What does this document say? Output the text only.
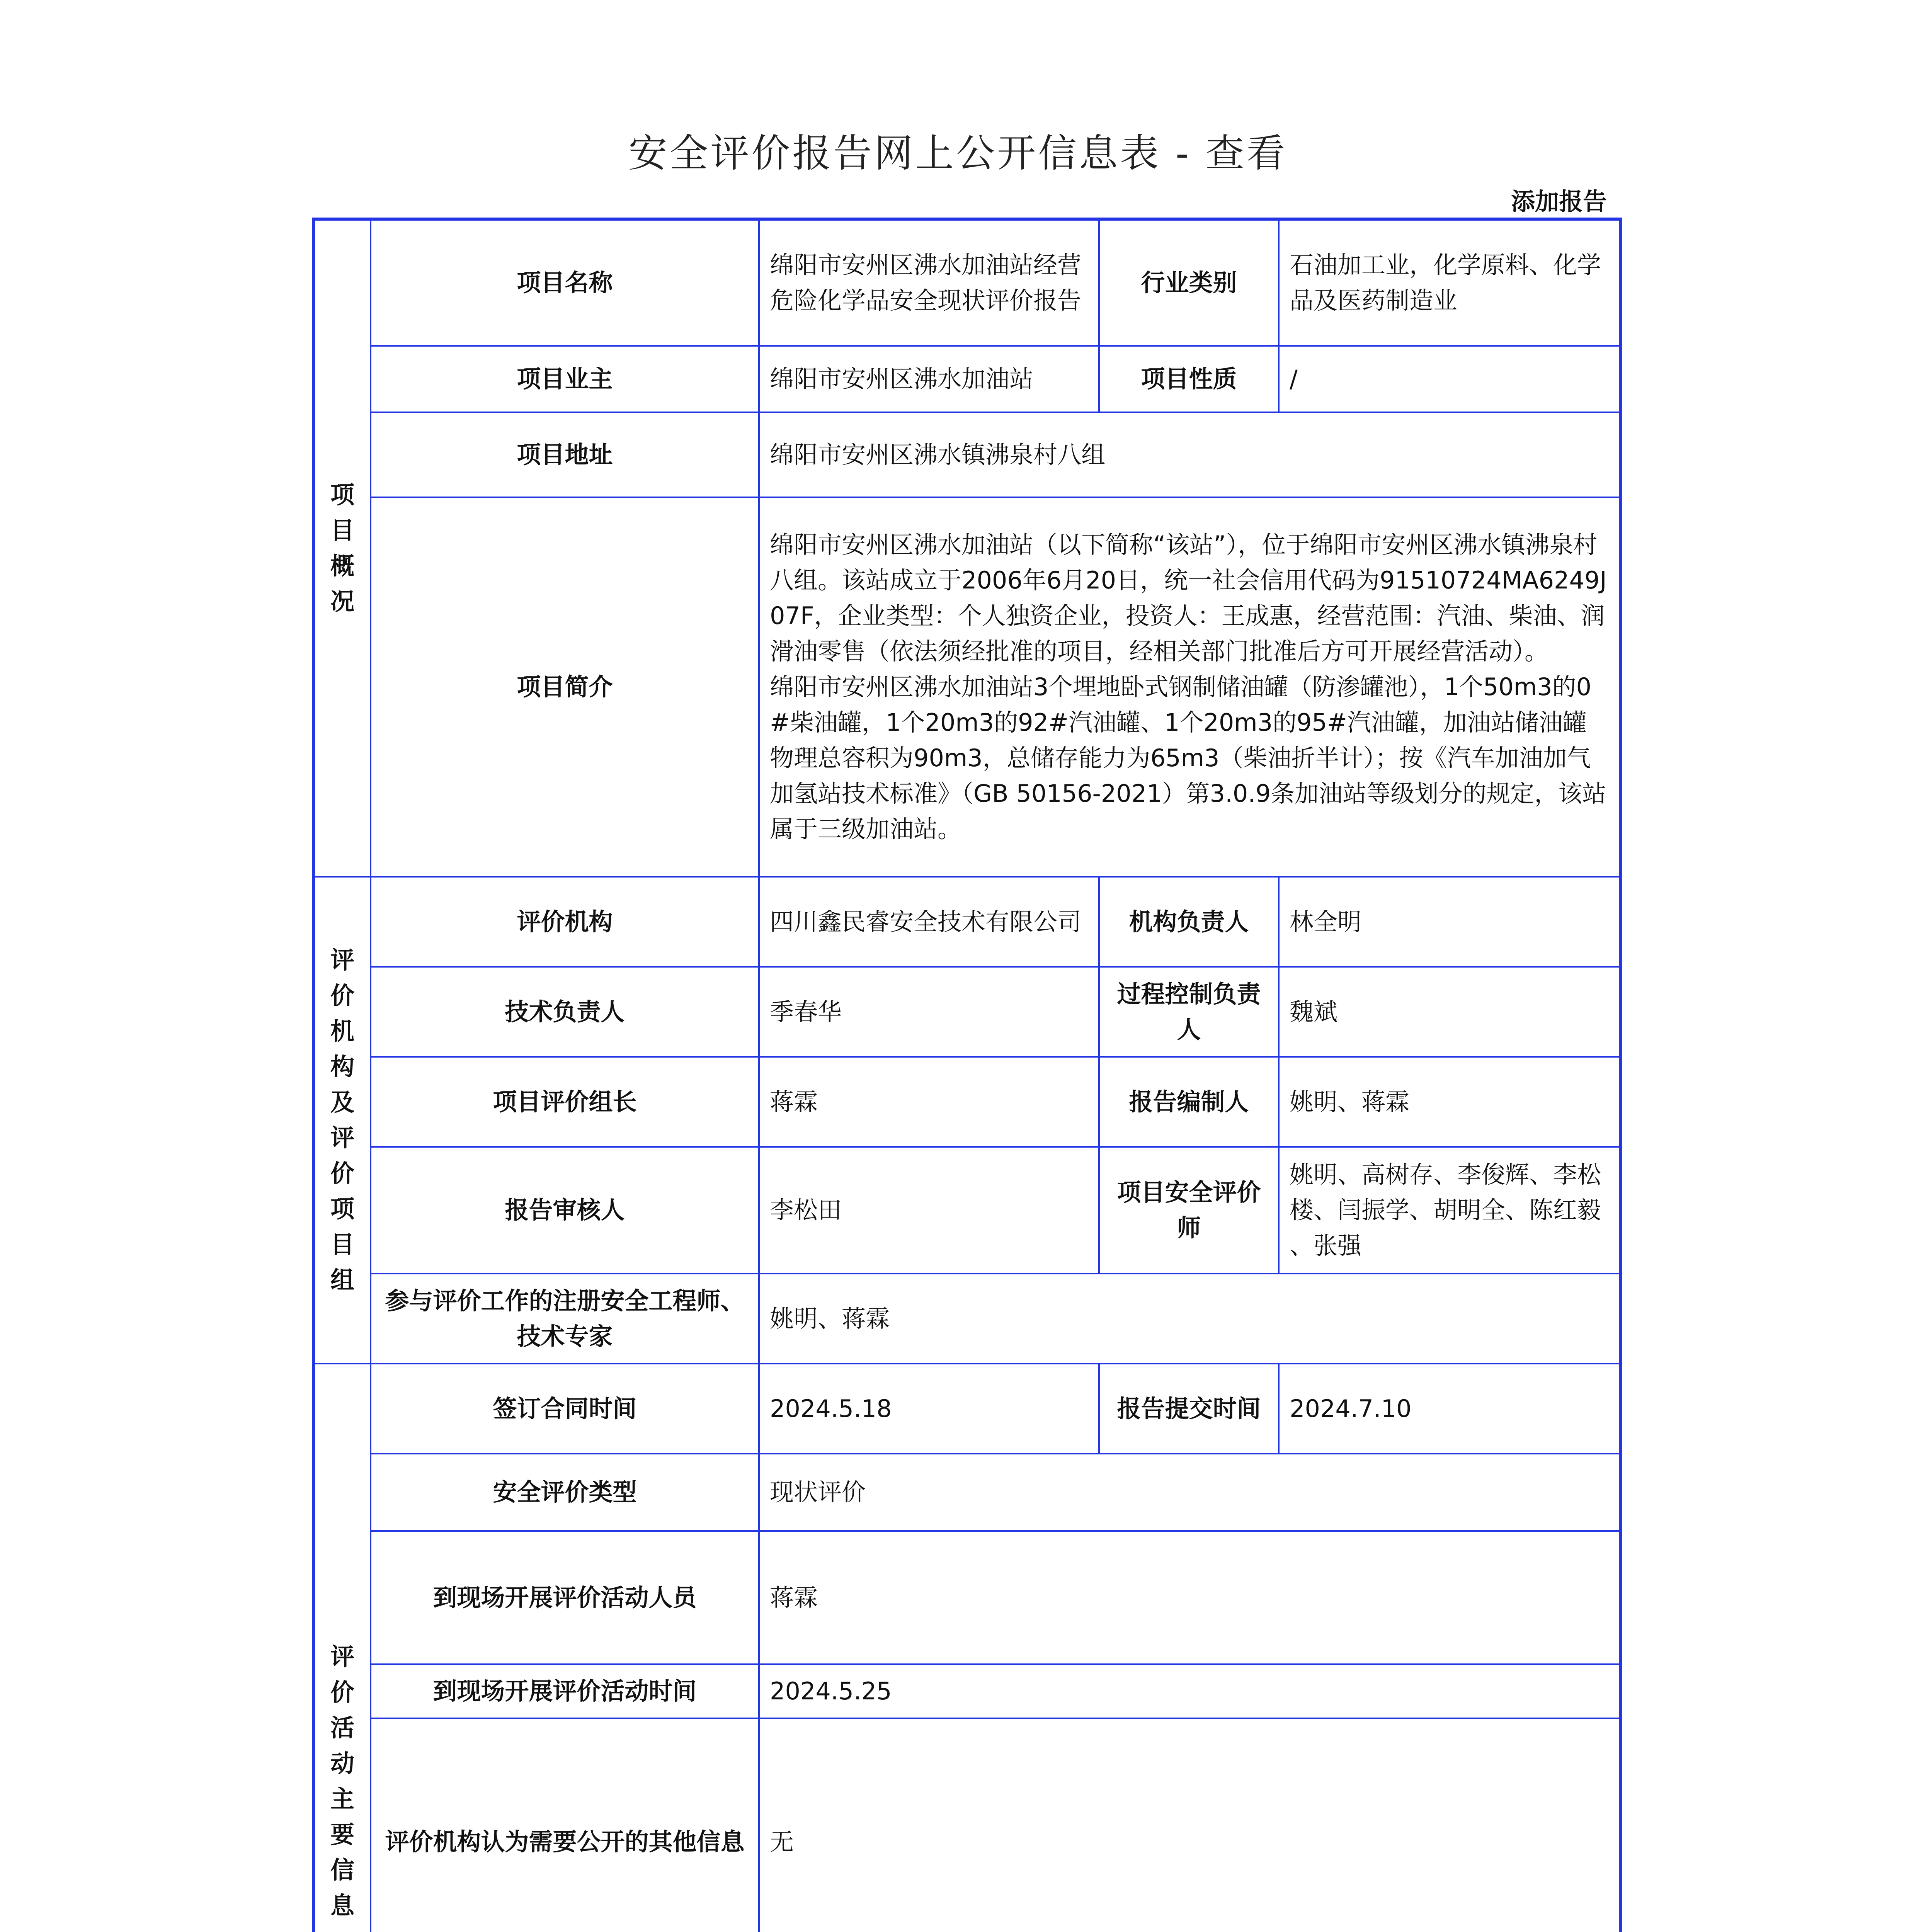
安全评价报告网上公开信息表 - 查看
添加报告
项目概况	项目名称	绵阳市安州区沸水加油站经营危险化学品安全现状评价报告	行业类别	石油加工业，化学原料、化学品及医药制造业
	项目业主	绵阳市安州区沸水加油站	项目性质	/
	项目地址	绵阳市安州区沸水镇沸泉村八组		
	项目简介	绵阳市安州区沸水加油站（以下简称“该站”），位于绵阳市安州区沸水镇沸泉村八组。该站成立于2006年6月20日，统一社会信用代码为91510724MA6249J07F，企业类型：个人独资企业，投资人：王成惠，经营范围：汽油、柴油、润滑油零售（依法须经批准的项目，经相关部门批准后方可开展经营活动）。
绵阳市安州区沸水加油站3个埋地卧式钢制储油罐（防渗罐池），1个50m3的0#柴油罐，1个20m3的92#汽油罐、1个20m3的95#汽油罐，加油站储油罐物理总容积为90m3，总储存能力为65m3（柴油折半计）；按《汽车加油加气加氢站技术标准》（GB 50156-2021）第3.0.9条加油站等级划分的规定，该站属于三级加油站。		

评价机构及评价项目组	评价机构	四川鑫民睿安全技术有限公司	机构负责人	林全明
	技术负责人	季春华	过程控制负责人	魏斌
	项目评价组长	蒋霖	报告编制人	姚明、蒋霖
	报告审核人	李松田	项目安全评价师	姚明、高树存、李俊辉、李松楼、闫振学、胡明全、陈红毅 、张强
	参与评价工作的注册安全工程师、技术专家	姚明、蒋霖		
评价活动主要信息	签订合同时间	2024.5.18	报告提交时间	2024.7.10
	安全评价类型	现状评价		
	到现场开展评价活动人员	蒋霖		
	到现场开展评价活动时间	2024.5.25		
	评价机构认为需要公开的其他信息	无		
